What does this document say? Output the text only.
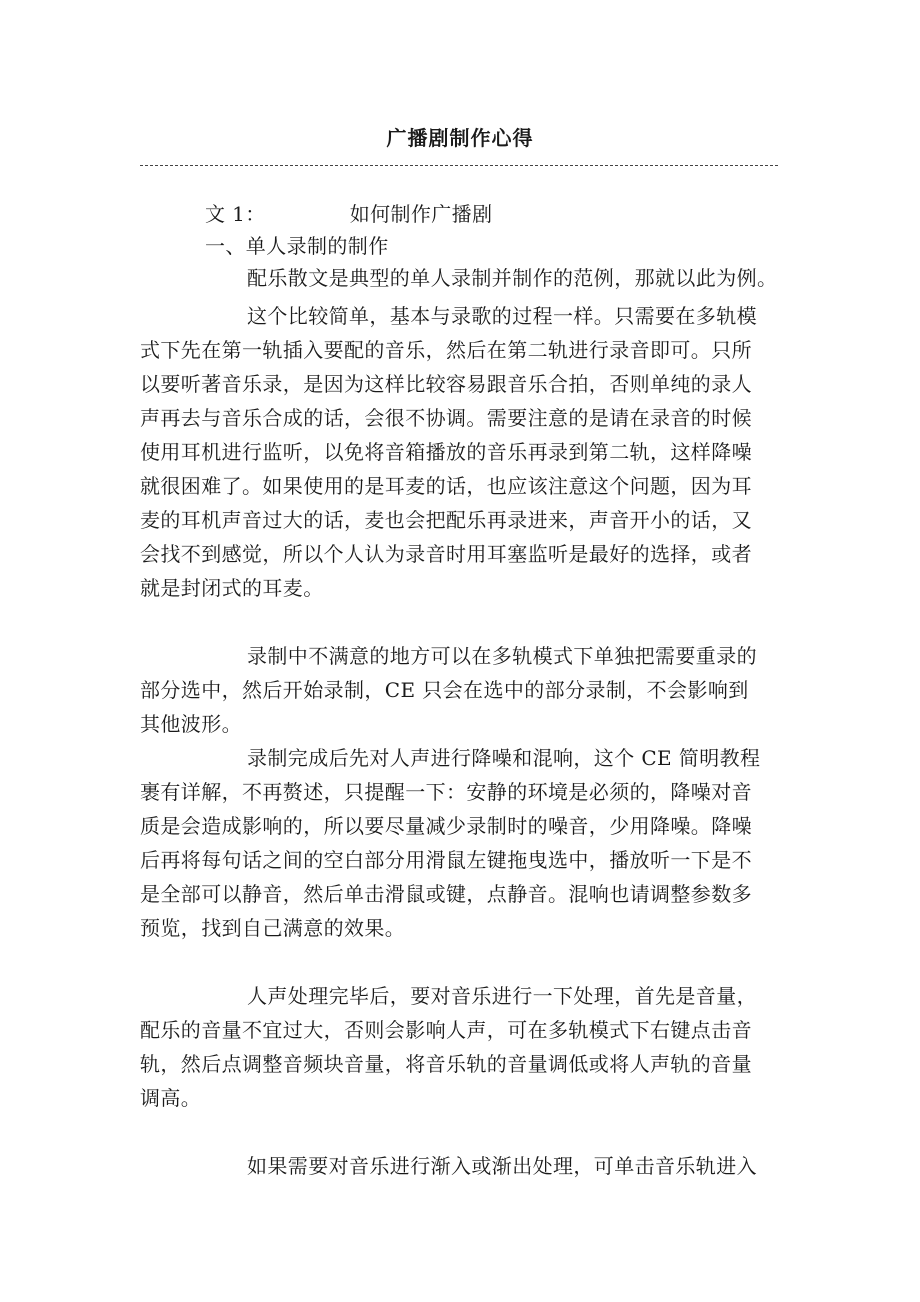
广播剧制作心得
文 1：	如何制作广播剧
一、单人录制的制作
配乐散文是典型的单人录制并制作的范例，那就以此为例。
这个比较简单，基本与录歌的过程一样。只需要在多轨模
式下先在第一轨插入要配的音乐，然后在第二轨进行录音即可。只所
以要听著音乐录，是因为这样比较容易跟音乐合拍，否则单纯的录人
声再去与音乐合成的话，会很不协调。需要注意的是请在录音的时候
使用耳机进行监听，以免将音箱播放的音乐再录到第二轨，这样降噪
就很困难了。如果使用的是耳麦的话，也应该注意这个问题，因为耳
麦的耳机声音过大的话，麦也会把配乐再录进来，声音开小的话，又
会找不到感觉，所以个人认为录音时用耳塞监听是最好的选择，或者
就是封闭式的耳麦。
录制中不满意的地方可以在多轨模式下单独把需要重录的
部分选中，然后开始录制，CE 只会在选中的部分录制，不会影响到
其他波形。
录制完成后先对人声进行降噪和混响，这个 CE 简明教程
裹有详解，不再赘述，只提醒一下：安静的环境是必须的，降噪对音
质是会造成影响的，所以要尽量减少录制时的噪音，少用降噪。降噪
后再将每句话之间的空白部分用滑鼠左键拖曳选中，播放听一下是不
是全部可以静音，然后单击滑鼠或键，点静音。混响也请调整参数多
预览，找到自己满意的效果。
人声处理完毕后，要对音乐进行一下处理，首先是音量，
配乐的音量不宜过大，否则会影响人声，可在多轨模式下右键点击音
轨，然后点调整音频块音量，将音乐轨的音量调低或将人声轨的音量
调高。
如果需要对音乐进行渐入或渐出处理，可单击音乐轨进入
